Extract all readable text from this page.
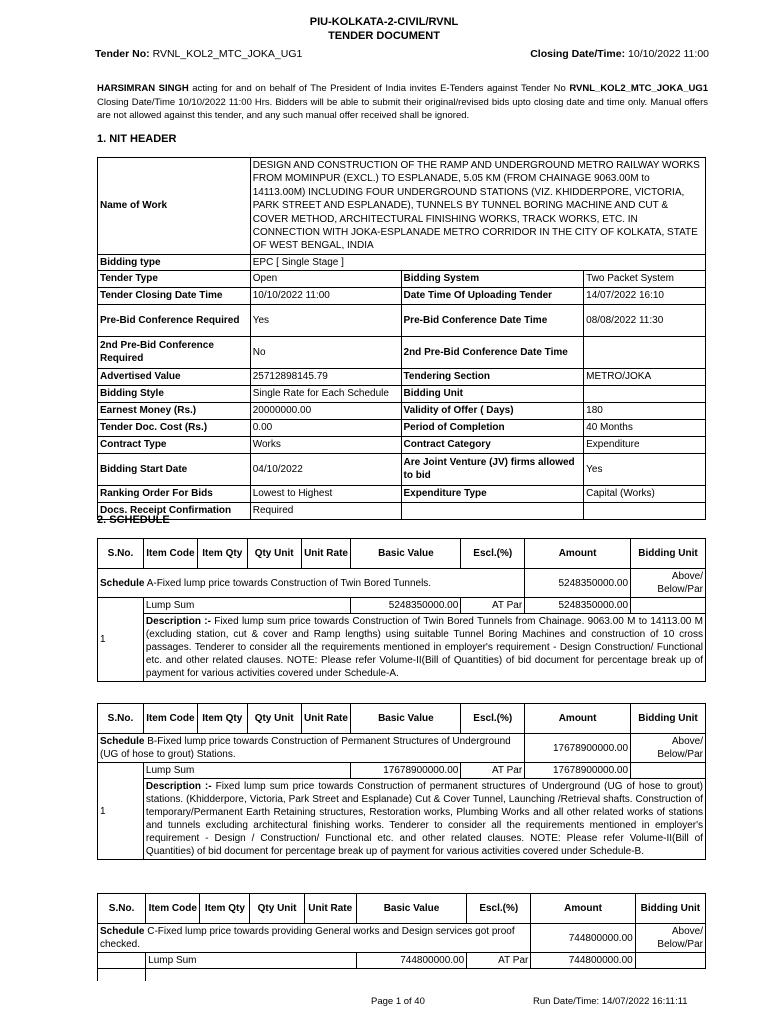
PIU-KOLKATA-2-CIVIL/RVNL
TENDER DOCUMENT
Tender No: RVNL_KOL2_MTC_JOKA_UG1	Closing Date/Time: 10/10/2022 11:00
HARSIMRAN SINGH acting for and on behalf of The President of India invites E-Tenders against Tender No RVNL_KOL2_MTC_JOKA_UG1 Closing Date/Time 10/10/2022 11:00 Hrs. Bidders will be able to submit their original/revised bids upto closing date and time only. Manual offers are not allowed against this tender, and any such manual offer received shall be ignored.
1. NIT HEADER
Name of Work	DESIGN AND CONSTRUCTION OF THE RAMP AND UNDERGROUND METRO RAILWAY WORKS FROM MOMINPUR (EXCL.) TO ESPLANADE, 5.05 KM (FROM CHAINAGE 9063.00M to 14113.00M) INCLUDING FOUR UNDERGROUND STATIONS (VIZ. KHIDDERPORE, VICTORIA, PARK STREET AND ESPLANADE), TUNNELS BY TUNNEL BORING MACHINE AND CUT & COVER METHOD, ARCHITECTURAL FINISHING WORKS, TRACK WORKS, ETC. IN CONNECTION WITH JOKA-ESPLANADE METRO CORRIDOR IN THE CITY OF KOLKATA, STATE OF WEST BENGAL, INDIA		
Bidding type	EPC [ Single Stage ]		
Tender Type	Open	Bidding System	Two Packet System
Tender Closing Date Time	10/10/2022 11:00	Date Time Of Uploading Tender	14/07/2022 16:10
Pre-Bid Conference Required	Yes	Pre-Bid Conference Date Time	08/08/2022 11:30
2nd Pre-Bid Conference Required	No	2nd Pre-Bid Conference Date Time	
Advertised Value	25712898145.79	Tendering Section	METRO/JOKA
Bidding Style	Single Rate for Each Schedule	Bidding Unit	
Earnest Money (Rs.)	20000000.00	Validity of Offer ( Days)	180
Tender Doc. Cost (Rs.)	0.00	Period of Completion	40 Months
Contract Type	Works	Contract Category	Expenditure
Bidding Start Date	04/10/2022	Are Joint Venture (JV) firms allowed to bid	Yes
Ranking Order For Bids	Lowest to Highest	Expenditure Type	Capital (Works)
Docs. Receipt Confirmation	Required		
2. SCHEDULE
S.No.	Item Code	Item Qty	Qty Unit	Unit Rate	Basic Value	Escl.(%)	Amount	Bidding Unit
Schedule A-Fixed lump price towards Construction of Twin Bored Tunnels.							5248350000.00	Above/ Below/Par
1	Lump Sum				5248350000.00	AT Par	5248350000.00	
	Description :- Fixed lump sum price towards Construction of Twin Bored Tunnels from Chainage. 9063.00 M to 14113.00 M (excluding station, cut & cover and Ramp lengths) using suitable Tunnel Boring Machines and construction of 10 cross passages. Tenderer to consider all the requirements mentioned in employer's requirement - Design Construction/ Functional etc. and other related clauses. NOTE: Please refer Volume-II(Bill of Quantities) of bid document for percentage break up of payment for various activities covered under Schedule-A.							
S.No.	Item Code	Item Qty	Qty Unit	Unit Rate	Basic Value	Escl.(%)	Amount	Bidding Unit
Schedule B-Fixed lump price towards Construction of Permanent Structures of Underground (UG of hose to grout) Stations.							17678900000.00	Above/ Below/Par
1	Lump Sum				17678900000.00	AT Par	17678900000.00	
	Description :- Fixed lump sum price towards Construction of permanent structures of Underground (UG of hose to grout) stations. (Khidderpore, Victoria, Park Street and Esplanade) Cut & Cover Tunnel, Launching /Retrieval shafts. Construction of temporary/Permanent Earth Retaining structures, Restoration works, Plumbing Works and all other related works of stations and tunnels excluding architectural finishing works. Tenderer to consider all the requirements mentioned in employer's requirement - Design / Construction/ Functional etc. and other related clauses. NOTE: Please refer Volume-II(Bill of Quantities) of bid document for percentage break up of payment for various activities covered under Schedule-B.							
S.No.	Item Code	Item Qty	Qty Unit	Unit Rate	Basic Value	Escl.(%)	Amount	Bidding Unit
Schedule C-Fixed lump price towards providing General works and Design services got proof checked.							744800000.00	Above/ Below/Par
	Lump Sum				744800000.00	AT Par	744800000.00	

Page 1 of 40	Run Date/Time: 14/07/2022 16:11:11
